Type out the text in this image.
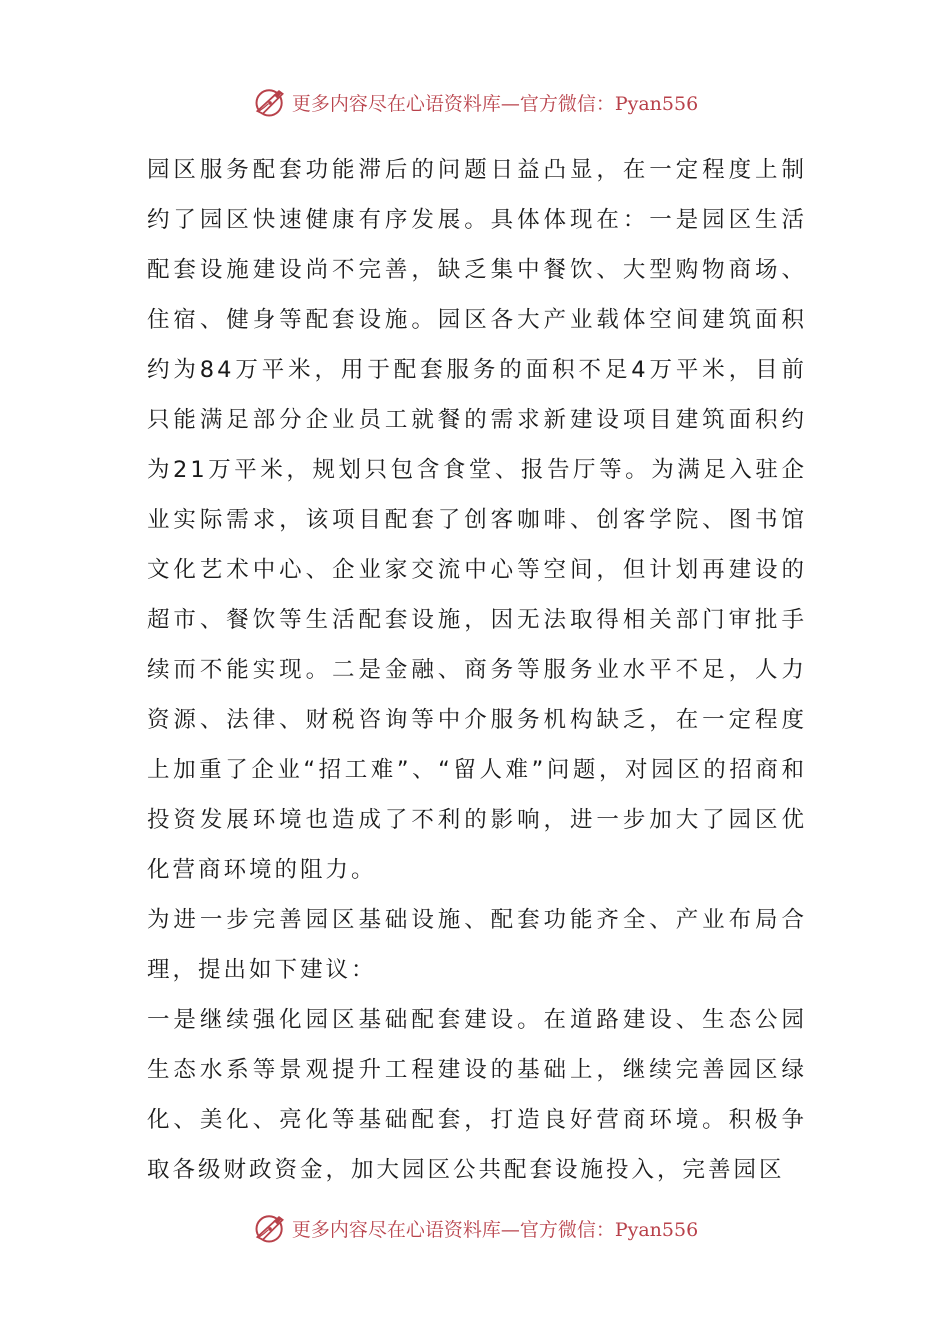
更多内容尽在心语资料库—官方微信：Pyan556

园区服务配套功能滞后的问题日益凸显，在一定程度上制约了园区快速健康有序发展。具体体现在：一是园区生活配套设施建设尚不完善，缺乏集中餐饮、大型购物商场、住宿、健身等配套设施。园区各大产业载体空间建筑面积约为84万平米，用于配套服务的面积不足4万平米，目前只能满足部分企业员工就餐的需求新建设项目建筑面积约为21万平米，规划只包含食堂、报告厅等。为满足入驻企业实际需求，该项目配套了创客咖啡、创客学院、图书馆文化艺术中心、企业家交流中心等空间，但计划再建设的超市、餐饮等生活配套设施，因无法取得相关部门审批手续而不能实现。二是金融、商务等服务业水平不足，人力资源、法律、财税咨询等中介服务机构缺乏，在一定程度上加重了企业“招工难”、“留人难”问题，对园区的招商和投资发展环境也造成了不利的影响，进一步加大了园区优化营商环境的阻力。

为进一步完善园区基础设施、配套功能齐全、产业布局合理，提出如下建议：

一是继续强化园区基础配套建设。在道路建设、生态公园生态水系等景观提升工程建设的基础上，继续完善园区绿化、美化、亮化等基础配套，打造良好营商环境。积极争取各级财政资金，加大园区公共配套设施投入，完善园区

更多内容尽在心语资料库—官方微信：Pyan556
